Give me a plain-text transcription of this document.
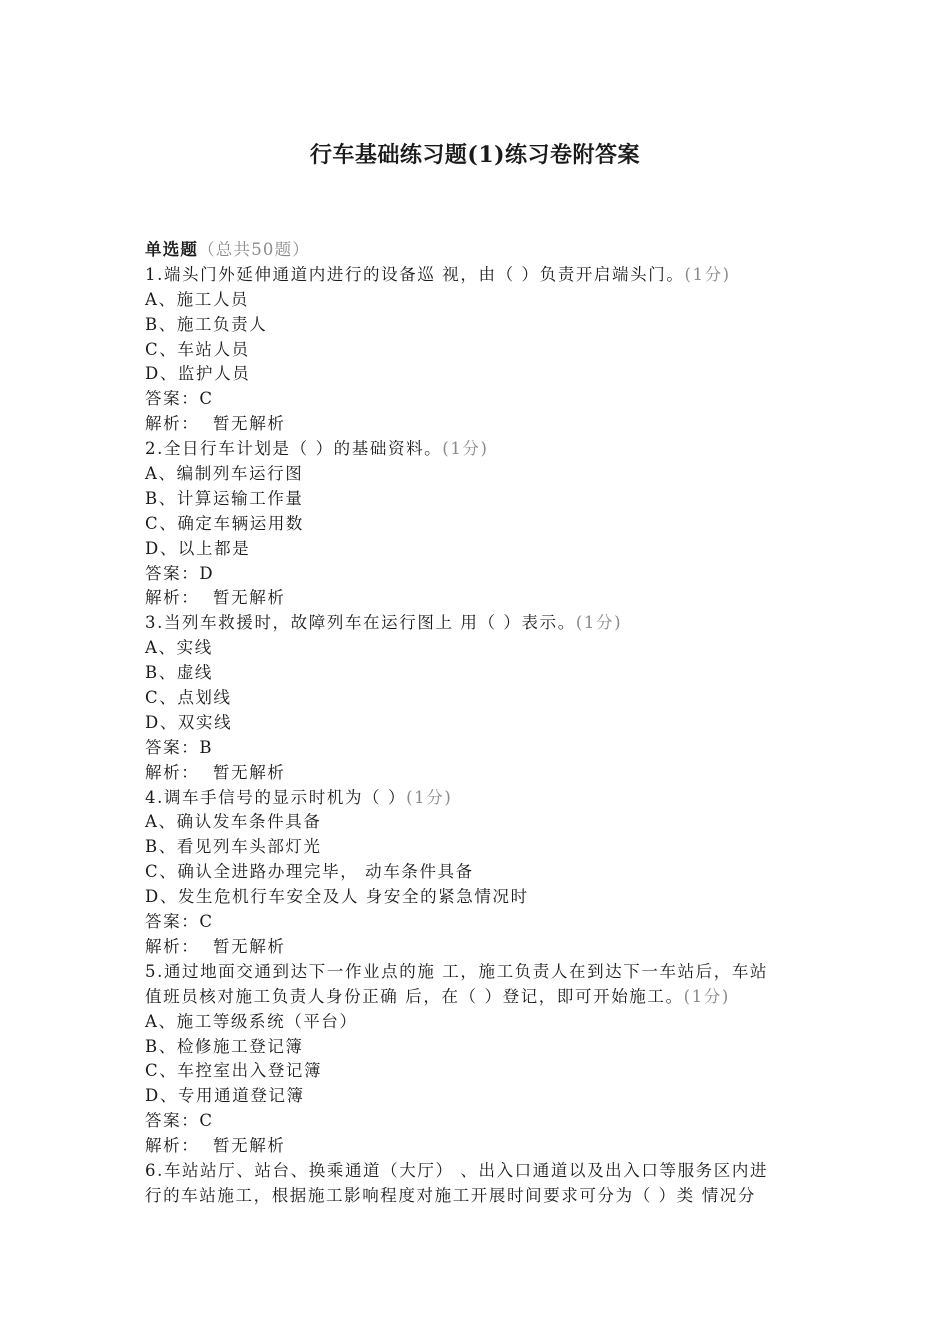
行车基础练习题(1)练习卷附答案
单选题（总共50题）
1.端头门外延伸通道内进行的设备巡 视，由（ ）负责开启端头门。(1分)
A、施工人员
B、施工负责人
C、车站人员
D、监护人员
答案：C
解析： 暂无解析
2.全日行车计划是（ ）的基础资料。(1分)
A、编制列车运行图
B、计算运输工作量
C、确定车辆运用数
D、以上都是
答案：D
解析： 暂无解析
3.当列车救援时，故障列车在运行图上 用（ ）表示。(1分)
A、实线
B、虚线
C、点划线
D、双实线
答案：B
解析： 暂无解析
4.调车手信号的显示时机为（ ）(1分)
A、确认发车条件具备
B、看见列车头部灯光
C、确认全进路办理完毕， 动车条件具备
D、发生危机行车安全及人 身安全的紧急情况时
答案：C
解析： 暂无解析
5.通过地面交通到达下一作业点的施 工，施工负责人在到达下一车站后，车站
值班员核对施工负责人身份正确 后，在（ ）登记，即可开始施工。(1分)
A、施工等级系统（平台）
B、检修施工登记簿
C、车控室出入登记簿
D、专用通道登记簿
答案：C
解析： 暂无解析
6.车站站厅、站台、换乘通道（大厅） 、出入口通道以及出入口等服务区内进
行的车站施工，根据施工影响程度对施工开展时间要求可分为（ ）类 情况分
